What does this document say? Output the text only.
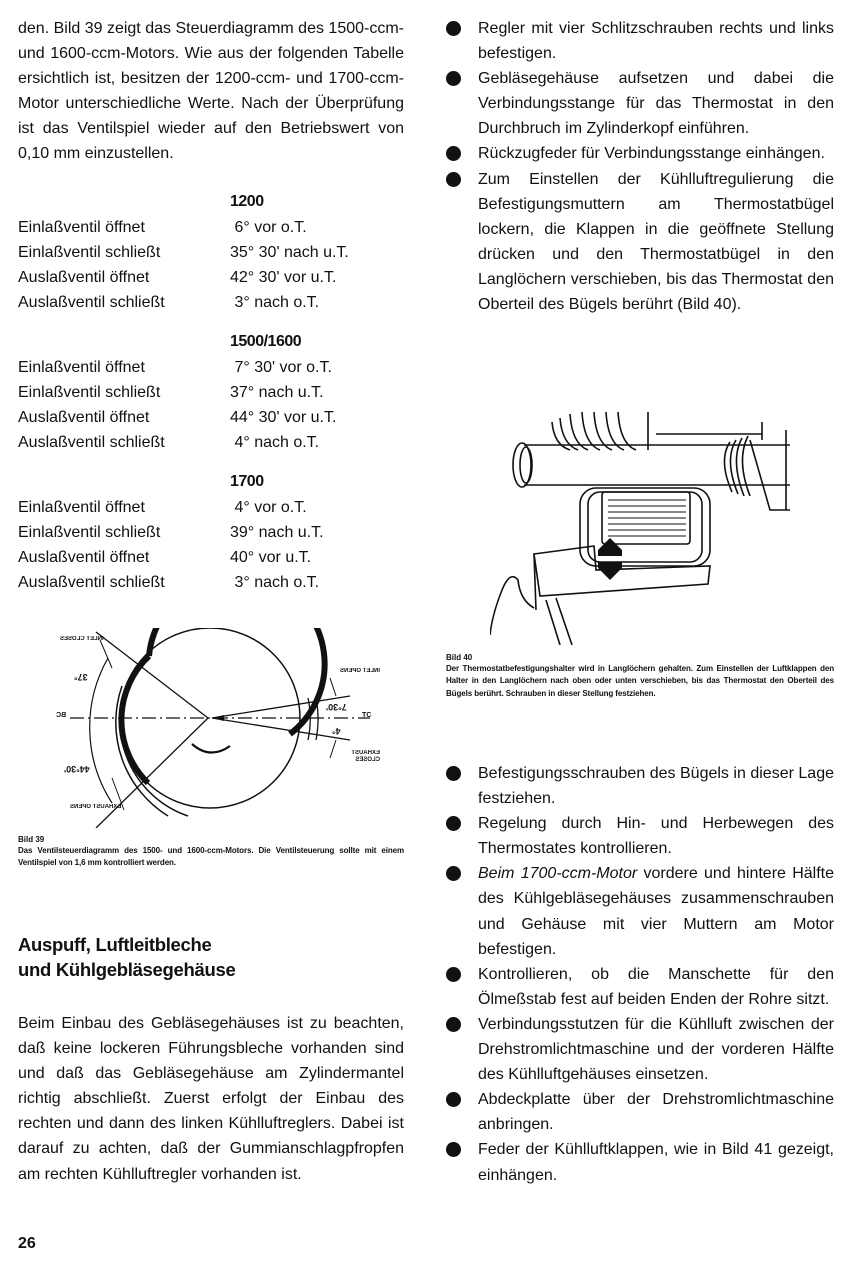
den. Bild 39 zeigt das Steuerdiagramm des 1500-ccm- und 1600-ccm-Motors. Wie aus der folgenden Tabelle ersichtlich ist, besitzen der 1200-ccm- und 1700-ccm-Motor unterschiedliche Werte. Nach der Überprüfung ist das Ventilspiel wieder auf den Betriebswert von 0,10 mm einzustellen.

1200
Einlaßventil öffnet	6° vor o.T.
Einlaßventil schließt	35° 30' nach u.T.
Auslaßventil öffnet	42° 30' vor u.T.
Auslaßventil schließt	3° nach o.T.
1500/1600
Einlaßventil öffnet	7° 30' vor o.T.
Einlaßventil schließt	37° nach u.T.
Auslaßventil öffnet	44° 30' vor u.T.
Auslaßventil schließt	4° nach o.T.
1700
Einlaßventil öffnet	4° vor o.T.
Einlaßventil schließt	39° nach u.T.
Auslaßventil öffnet	40° vor u.T.
Auslaßventil schließt	3° nach o.T.
INLET CLOSES
37°
BC
44°30'
EXHAUST OPENS
INLET OPENS
7°30'
TC
4°
EXHAUST CLOSES

Bild 39

Das Ventilsteuerdiagramm des 1500- und 1600-ccm-Motors. Die Ventilsteuerung sollte mit einem Ventilspiel von 1,6 mm kontrolliert werden.

Auspuff, Luftleitbleche
und Kühlgebläsegehäuse

Beim Einbau des Gebläsegehäuses ist zu beachten, daß keine lockeren Führungsbleche vorhanden sind und daß das Gebläsegehäuse am Zylindermantel richtig abschließt. Zuerst erfolgt der Einbau des rechten und dann des linken Kühlluftreglers. Dabei ist darauf zu achten, daß der Gummianschlagpfropfen am rechten Kühlluftregler vorhanden ist.

26

Regler mit vier Schlitzschrauben rechts und links befestigen.

Gebläsegehäuse aufsetzen und dabei die Verbindungsstange für das Thermostat in den Durchbruch im Zylinderkopf einführen.

Rückzugfeder für Verbindungsstange einhängen.

Zum Einstellen der Kühlluftregulierung die Befestigungsmuttern am Thermostatbügel lockern, die Klappen in die geöffnete Stellung drücken und den Thermostatbügel in den Langlöchern verschieben, bis das Thermostat den Oberteil des Bügels berührt (Bild 40).

Bild 40

Der Thermostatbefestigungshalter wird in Langlöchern gehalten. Zum Einstellen der Luftklappen den Halter in den Langlöchern nach oben oder unten verschieben, bis das Thermostat den Oberteil des Bügels berührt. Schrauben in dieser Stellung festziehen.

Befestigungsschrauben des Bügels in dieser Lage festziehen.

Regelung durch Hin- und Herbewegen des Thermostates kontrollieren.

Beim 1700-ccm-Motor vordere und hintere Hälfte des Kühlgebläsegehäuses zusammenschrauben und Gehäuse mit vier Muttern am Motor befestigen.

Kontrollieren, ob die Manschette für den Ölmeßstab fest auf beiden Enden der Rohre sitzt.

Verbindungsstutzen für die Kühlluft zwischen der Drehstromlichtmaschine und der vorderen Hälfte des Kühlluftgehäuses einsetzen.

Abdeckplatte über der Drehstromlichtmaschine anbringen.

Feder der Kühlluftklappen, wie in Bild 41 gezeigt, einhängen.
